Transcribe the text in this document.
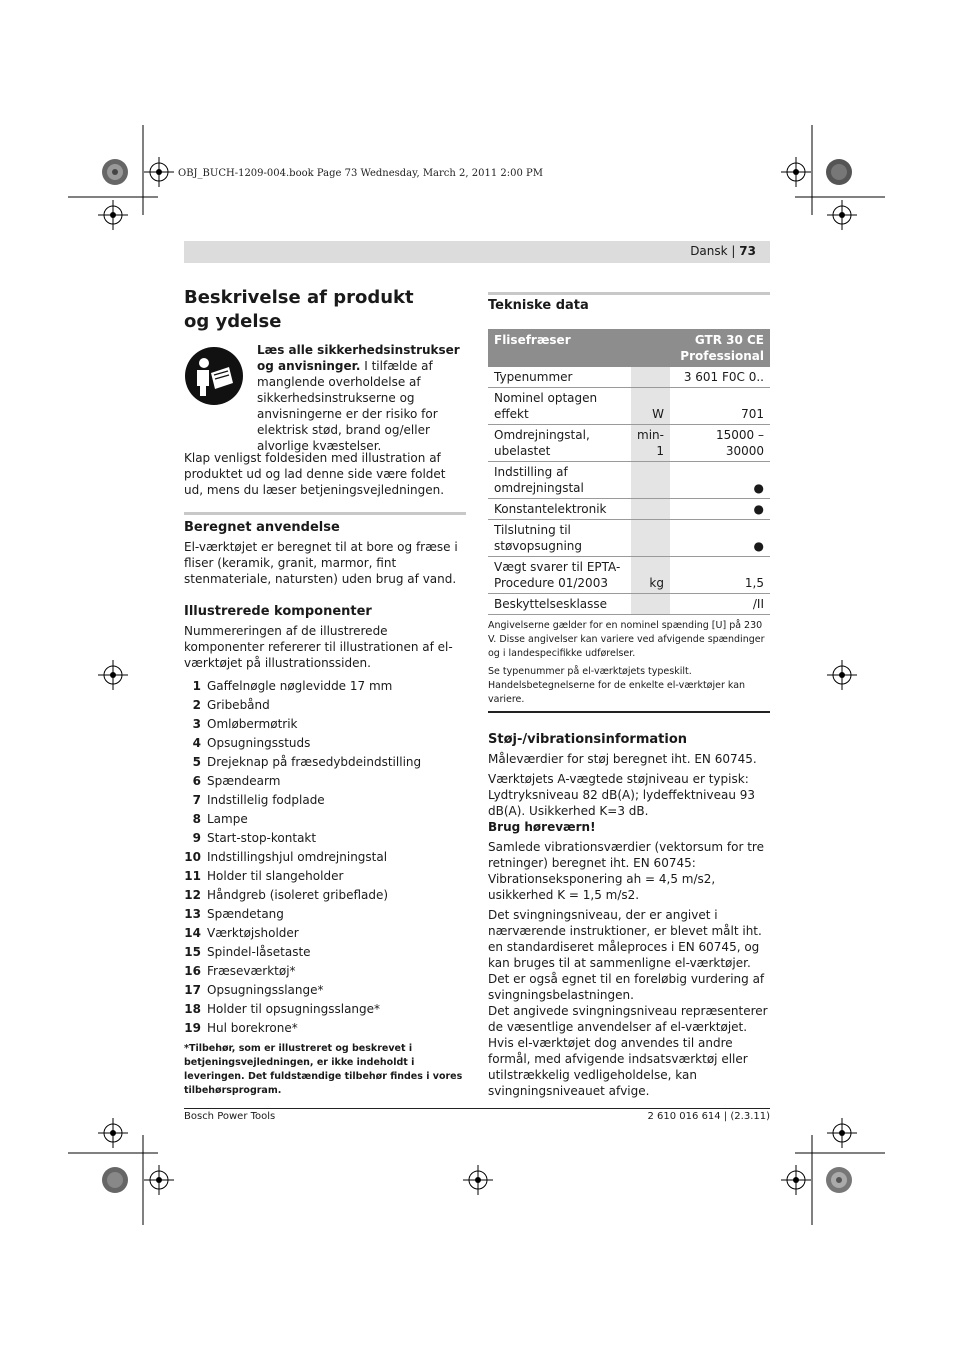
OBJ_BUCH-1209-004.book Page 73 Wednesday, March 2, 2011 2:00 PM
Dansk | 73
Beskrivelse af produkt
og ydelse

Læs alle sikkerhedsinstrukser og anvisninger. I tilfælde af manglende overholdelse af sikkerhedsinstrukserne og anvisningerne er der risiko for elektrisk stød, brand og/eller alvorlige kvæstelser.

Klap venligst foldesiden med illustration af produktet ud og lad denne side være foldet ud, mens du læser betjeningsvejledningen.

Beregnet anvendelse

El-værktøjet er beregnet til at bore og fræse i fliser (keramik, granit, marmor, fint stenmateriale, natursten) uden brug af vand.

Illustrerede komponenter

Nummereringen af de illustrerede komponenter refererer til illustrationen af el-værktøjet på illustrationssiden.

1 Gaffelnøgle nøglevidde 17 mm
2 Gribebånd
3 Omløbermøtrik
4 Opsugningsstuds
5 Drejeknap på fræsedybdeindstilling
6 Spændearm
7 Indstillelig fodplade
8 Lampe
9 Start-stop-kontakt
10 Indstillingshjul omdrejningstal
11 Holder til slangeholder
12 Håndgreb (isoleret gribeflade)
13 Spændetang
14 Værktøjsholder
15 Spindel-låsetaste
16 Fræseværktøj*
17 Opsugningsslange*
18 Holder til opsugningsslange*
19 Hul borekrone*

*Tilbehør, som er illustreret og beskrevet i betjeningsvejledningen, er ikke indeholdt i leveringen. Det fuldstændige tilbehør findes i vores tilbehørsprogram.

Tekniske data
Flisefræser	GTR 30 CE
Professional	
Typenummer		3 601 F0C 0..
Nominel optagen effekt	W	701
Omdrejningstal, ubelastet	min-1	15000 – 30000
Indstilling af omdrejningstal		●
Konstantelektronik		●
Tilslutning til støvopsugning		●
Vægt svarer til EPTA-Procedure 01/2003	kg	1,5
Beskyttelsesklasse		/II

Angivelserne gælder for en nominel spænding [U] på 230 V. Disse angivelser kan variere ved afvigende spændinger og i landespecifikke udførelser.

Se typenummer på el-værktøjets typeskilt. Handelsbetegnelserne for de enkelte el-værktøjer kan variere.

Støj-/vibrationsinformation

Måleværdier for støj beregnet iht. EN 60745.

Værktøjets A-vægtede støjniveau er typisk: Lydtryksniveau 82 dB(A); lydeffektniveau 93 dB(A). Usikkerhed K=3 dB.

Brug høreværn!

Samlede vibrationsværdier (vektorsum for tre retninger) beregnet iht. EN 60745: Vibrationseksponering ah = 4,5 m/s2, usikkerhed K = 1,5 m/s2.

Det svingningsniveau, der er angivet i nærværende instruktioner, er blevet målt iht. en standardiseret måleproces i EN 60745, og kan bruges til at sammenligne el-værktøjer. Det er også egnet til en foreløbig vurdering af svingningsbelastningen.

Det angivede svingningsniveau repræsenterer de væsentlige anvendelser af el-værktøjet. Hvis el-værktøjet dog anvendes til andre formål, med afvigende indsatsværktøj eller utilstrækkelig vedligeholdelse, kan svingningsniveauet afvige.

Bosch Power Tools	2 610 016 614 | (2.3.11)
